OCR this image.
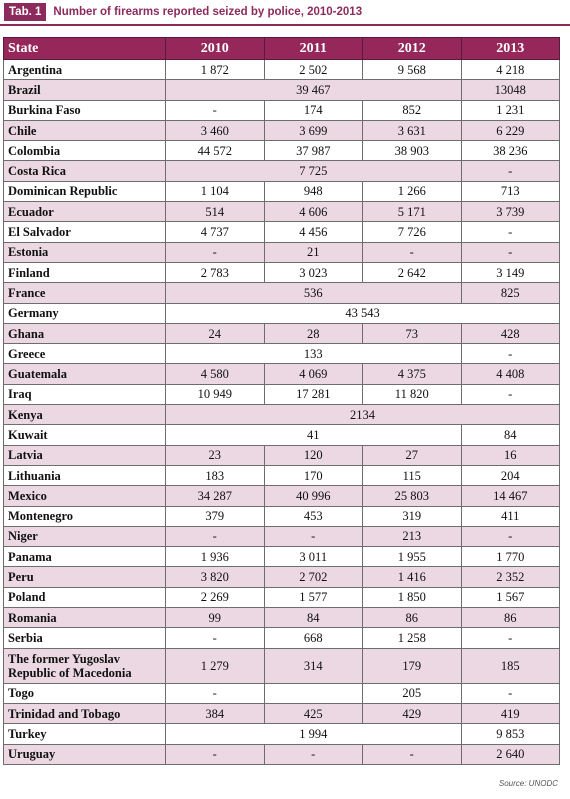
Tab. 1	Number of firearms reported seized by police, 2010-2013
State	2010	2011	2012	2013
Argentina	1 872	2 502	9 568	4 218
Brazil	39 467			13048
Burkina Faso	-	174	852	1 231
Chile	3 460	3 699	3 631	6 229
Colombia	44 572	37 987	38 903	38 236
Costa Rica	7 725			-
Dominican Republic	1 104	948	1 266	713
Ecuador	514	4 606	5 171	3 739
El Salvador	4 737	4 456	7 726	-
Estonia	-	21	-	-
Finland	2 783	3 023	2 642	3 149
France	536			825
Germany	43 543			
Ghana	24	28	73	428
Greece	133			-
Guatemala	4 580	4 069	4 375	4 408
Iraq	10 949	17 281	11 820	-
Kenya	2134			
Kuwait	41			84
Latvia	23	120	27	16
Lithuania	183	170	115	204
Mexico	34 287	40 996	25 803	14 467
Montenegro	379	453	319	411
Niger	-	-	213	-
Panama	1 936	3 011	1 955	1 770
Peru	3 820	2 702	1 416	2 352
Poland	2 269	1 577	1 850	1 567
Romania	99	84	86	86
Serbia	-	668	1 258	-
The former Yugoslav Republic of Macedonia	1 279	314	179	185
Togo	-		205	-
Trinidad and Tobago	384	425	429	419
Turkey	1 994			9 853
Uruguay	-	-	-	2 640
Source: UNODC
